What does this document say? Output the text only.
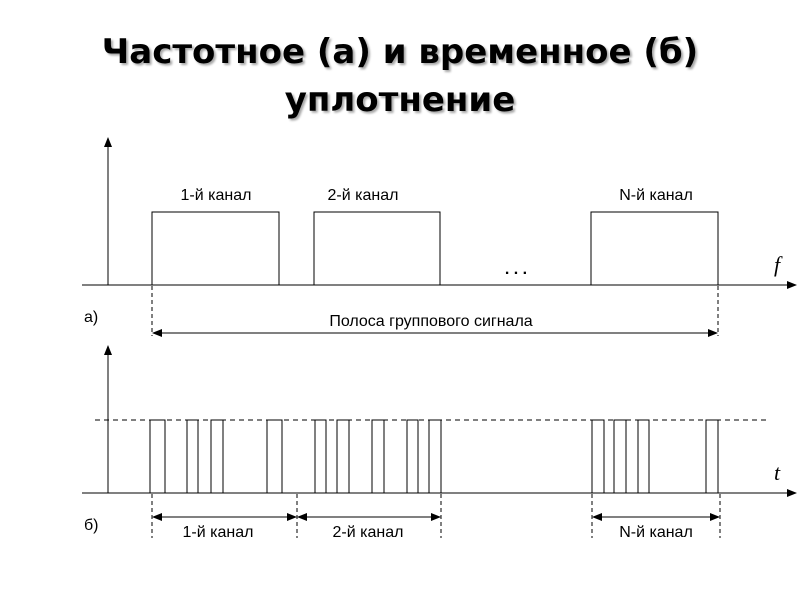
Частотное (а) и временное (б)
уплотнение
f
1-й канал	2-й канал	N-й канал
. . .
а)	Полоса группового сигнала
t
б)	1-й канал	2-й канал	N-й канал
